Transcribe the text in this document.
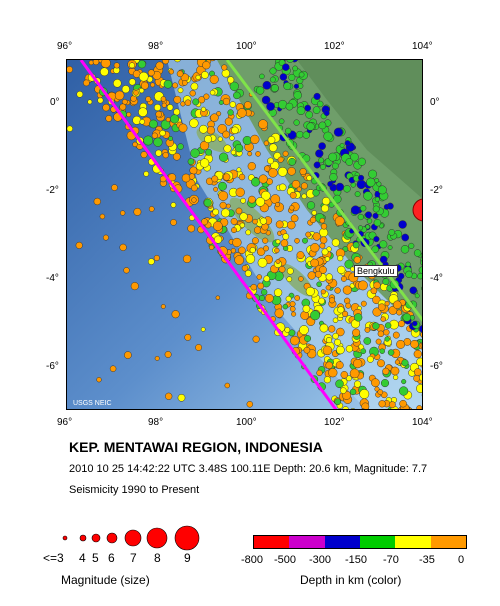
Bengkulu
USGS NEIC
96°	98°	100°	102°	104°
96°	98°	100°	102°	104°
0°
-2°
-4°
-6°
0°
-2°
-4°
-6°
KEP. MENTAWAI REGION, INDONESIA
2010 10 25 14:42:22 UTC 3.48S 100.11E Depth: 20.6 km, Magnitude: 7.7
Seismicity 1990 to Present
<=3 4 5 6 7 8 9
Magnitude (size)
-800 -500 -300 -150 -70 -35 0
Depth in km (color)
